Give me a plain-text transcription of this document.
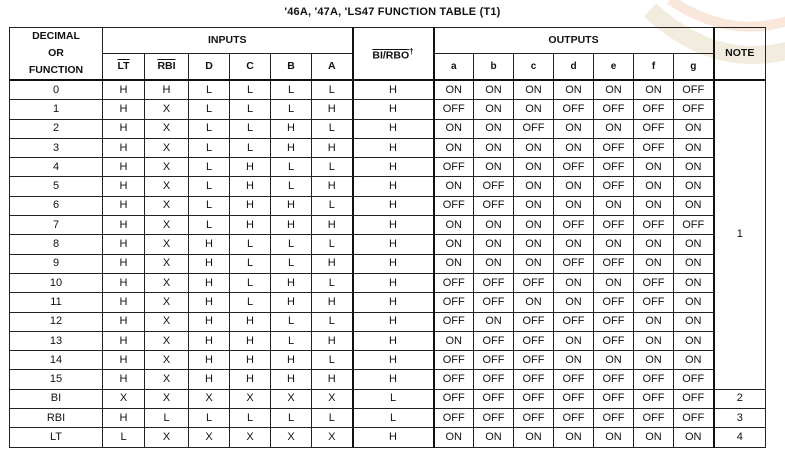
'46A, '47A, 'LS47 FUNCTION TABLE (T1)
DECIMAL
OR
FUNCTION	INPUTS						BI/RBO†	OUTPUTS							NOTE
	$\overline{LT}$	$\overline{RBI}$	D	C	B	A		a	b	c	d	e	f	g	
0	H	H	L	L	L	L	H	ON	ON	ON	ON	ON	ON	OFF	1
1	H	X	L	L	L	H	H	OFF	ON	ON	OFF	OFF	OFF	OFF	
2	H	X	L	L	H	L	H	ON	ON	OFF	ON	ON	OFF	ON	
3	H	X	L	L	H	H	H	ON	ON	ON	ON	OFF	OFF	ON	
4	H	X	L	H	L	L	H	OFF	ON	ON	OFF	OFF	ON	ON	
5	H	X	L	H	L	H	H	ON	OFF	ON	ON	OFF	ON	ON	
6	H	X	L	H	H	L	H	OFF	OFF	ON	ON	ON	ON	ON	
7	H	X	L	H	H	H	H	ON	ON	ON	OFF	OFF	OFF	OFF	
8	H	X	H	L	L	L	H	ON	ON	ON	ON	ON	ON	ON	
9	H	X	H	L	L	H	H	ON	ON	ON	OFF	OFF	ON	ON	
10	H	X	H	L	H	L	H	OFF	OFF	OFF	ON	ON	OFF	ON	
11	H	X	H	L	H	H	H	OFF	OFF	ON	ON	OFF	OFF	ON	
12	H	X	H	H	L	L	H	OFF	ON	OFF	OFF	OFF	ON	ON	
13	H	X	H	H	L	H	H	ON	OFF	OFF	ON	OFF	ON	ON	
14	H	X	H	H	H	L	H	OFF	OFF	OFF	ON	ON	ON	ON	
15	H	X	H	H	H	H	H	OFF	OFF	OFF	OFF	OFF	OFF	OFF	
BI	X	X	X	X	X	X	L	OFF	OFF	OFF	OFF	OFF	OFF	OFF	2
RBI	H	L	L	L	L	L	L	OFF	OFF	OFF	OFF	OFF	OFF	OFF	3
LT	L	X	X	X	X	X	H	ON	ON	ON	ON	ON	ON	ON	4
